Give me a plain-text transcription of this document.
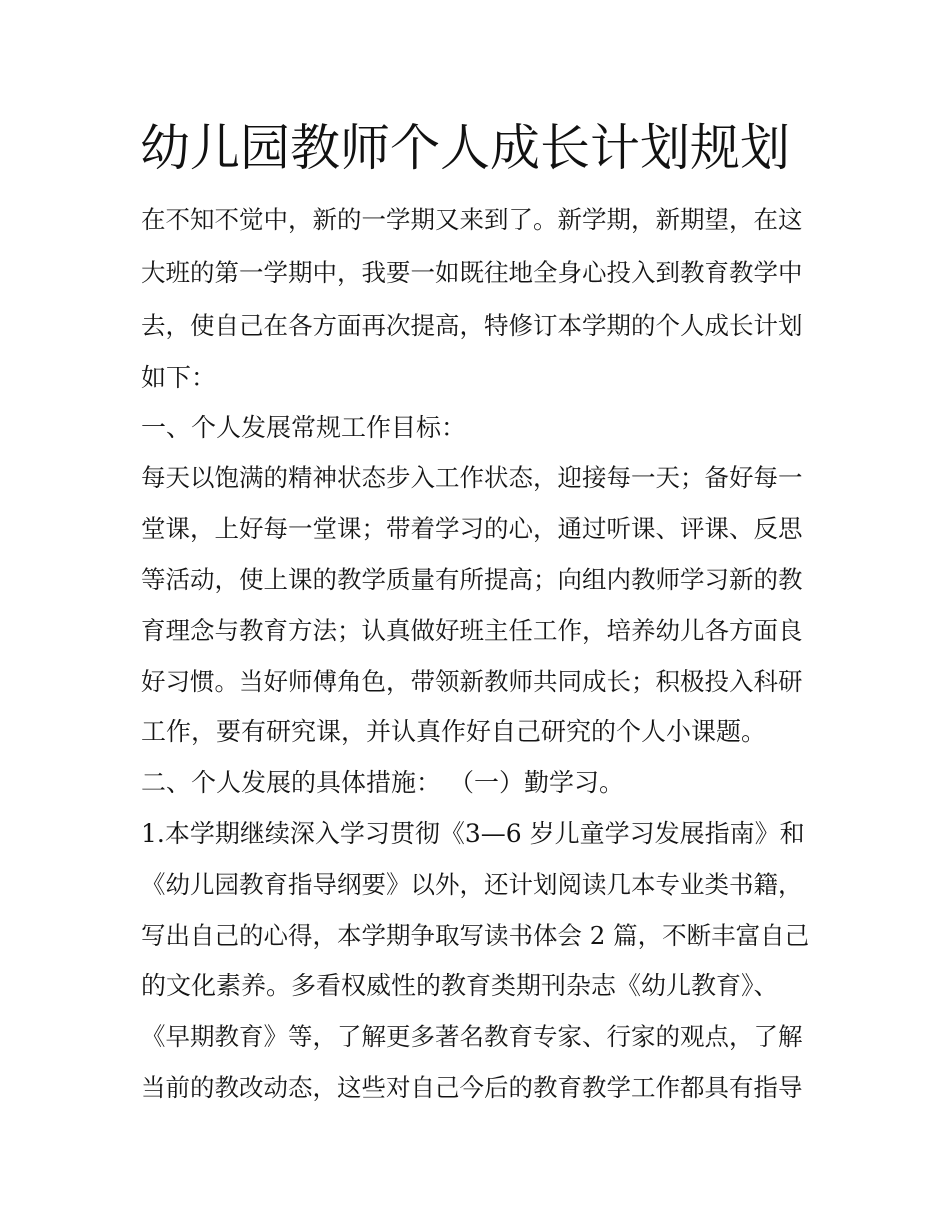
幼儿园教师个人成长计划规划

在不知不觉中，新的一学期又来到了。新学期，新期望，在这

大班的第一学期中，我要一如既往地全身心投入到教育教学中

去，使自己在各方面再次提高，特修订本学期的个人成长计划

如下：

一、个人发展常规工作目标：

每天以饱满的精神状态步入工作状态，迎接每一天；备好每一

堂课，上好每一堂课；带着学习的心，通过听课、评课、反思

等活动，使上课的教学质量有所提高；向组内教师学习新的教

育理念与教育方法；认真做好班主任工作，培养幼儿各方面良

好习惯。当好师傅角色，带领新教师共同成长；积极投入科研

工作，要有研究课，并认真作好自己研究的个人小课题。

二、个人发展的具体措施： （一）勤学习。

1.本学期继续深入学习贯彻《3—6 岁儿童学习发展指南》和

《幼儿园教育指导纲要》以外，还计划阅读几本专业类书籍，

写出自己的心得，本学期争取写读书体会 2 篇，不断丰富自己

的文化素养。多看权威性的教育类期刊杂志《幼儿教育》、

《早期教育》等，了解更多著名教育专家、行家的观点，了解

当前的教改动态，这些对自己今后的教育教学工作都具有指导
